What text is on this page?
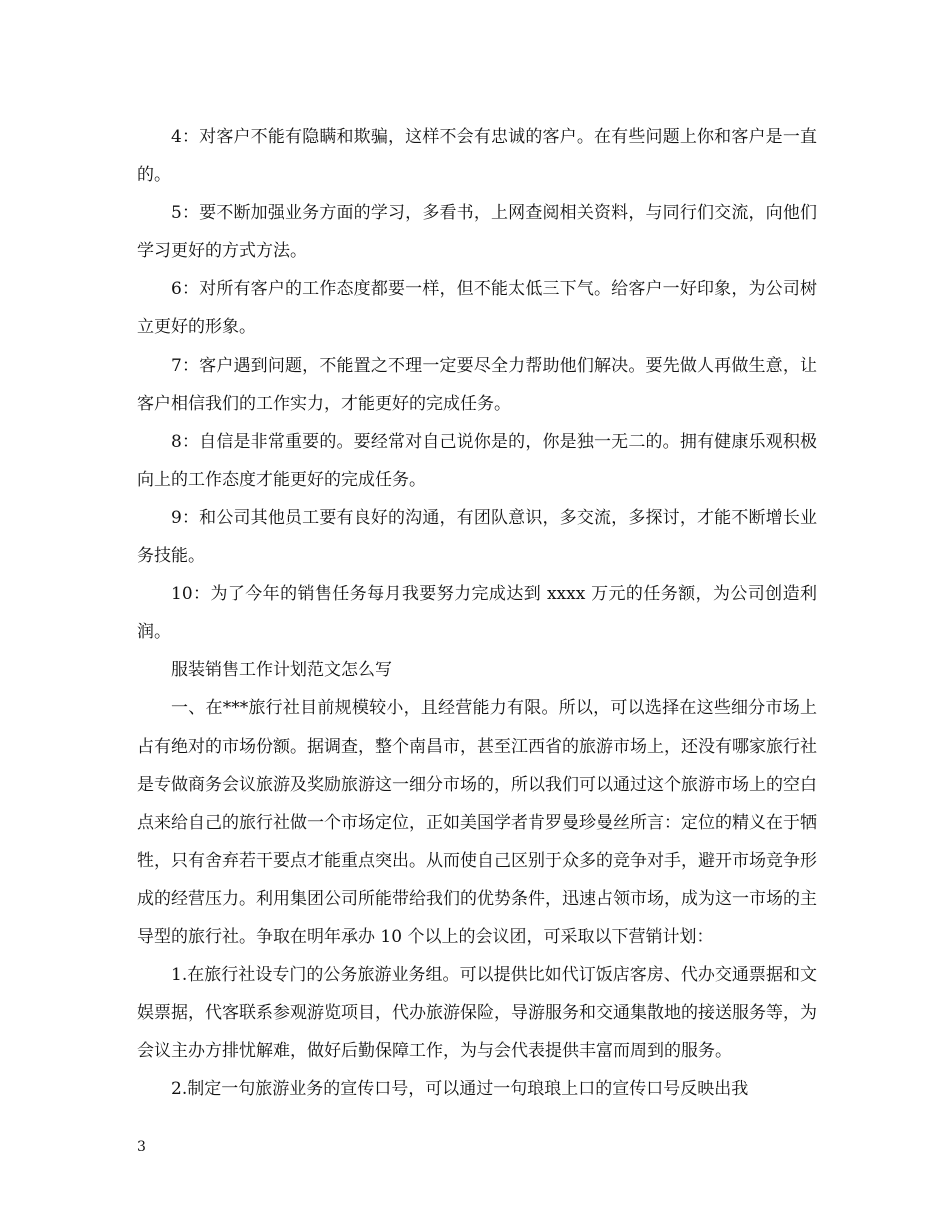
4：对客户不能有隐瞒和欺骗，这样不会有忠诚的客户。在有些问题上你和客户是一直的。

5：要不断加强业务方面的学习，多看书，上网查阅相关资料，与同行们交流，向他们学习更好的方式方法。

6：对所有客户的工作态度都要一样，但不能太低三下气。给客户一好印象，为公司树立更好的形象。

7：客户遇到问题，不能置之不理一定要尽全力帮助他们解决。要先做人再做生意，让客户相信我们的工作实力，才能更好的完成任务。

8：自信是非常重要的。要经常对自己说你是的，你是独一无二的。拥有健康乐观积极向上的工作态度才能更好的完成任务。

9：和公司其他员工要有良好的沟通，有团队意识，多交流，多探讨，才能不断增长业务技能。

10：为了今年的销售任务每月我要努力完成达到 xxxx 万元的任务额，为公司创造利润。

服装销售工作计划范文怎么写

一、在***旅行社目前规模较小，且经营能力有限。所以，可以选择在这些细分市场上占有绝对的市场份额。据调查，整个南昌市，甚至江西省的旅游市场上，还没有哪家旅行社是专做商务会议旅游及奖励旅游这一细分市场的，所以我们可以通过这个旅游市场上的空白点来给自己的旅行社做一个市场定位，正如美国学者肯罗曼珍曼丝所言：定位的精义在于牺牲，只有舍弃若干要点才能重点突出。从而使自己区别于众多的竞争对手，避开市场竞争形成的经营压力。利用集团公司所能带给我们的优势条件，迅速占领市场，成为这一市场的主导型的旅行社。争取在明年承办 10 个以上的会议团，可采取以下营销计划：

1.在旅行社设专门的公务旅游业务组。可以提供比如代订饭店客房、代办交通票据和文娱票据，代客联系参观游览项目，代办旅游保险，导游服务和交通集散地的接送服务等，为会议主办方排忧解难，做好后勤保障工作，为与会代表提供丰富而周到的服务。

2.制定一句旅游业务的宣传口号，可以通过一句琅琅上口的宣传口号反映出我

3
